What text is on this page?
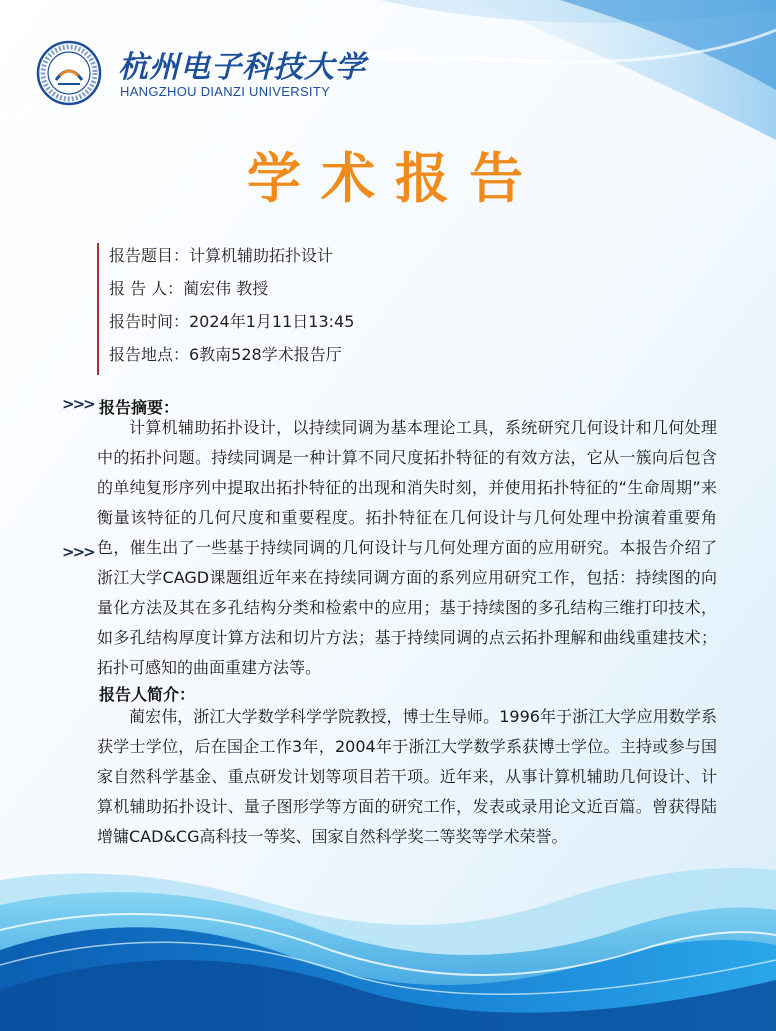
杭州电子科技大学
HANGZHOU DIANZI UNIVERSITY
学术报告
报告题目：计算机辅助拓扑设计
报 告 人：蔺宏伟 教授
报告时间：2024年1月11日13:45
报告地点：6教南528学术报告厅
>>>
>>>
报告摘要：

计算机辅助拓扑设计，以持续同调为基本理论工具，系统研究几何设计和几何处理中的拓扑问题。持续同调是一种计算不同尺度拓扑特征的有效方法，它从一簇向后包含的单纯复形序列中提取出拓扑特征的出现和消失时刻，并使用拓扑特征的“生命周期”来衡量该特征的几何尺度和重要程度。拓扑特征在几何设计与几何处理中扮演着重要角色，催生出了一些基于持续同调的几何设计与几何处理方面的应用研究。本报告介绍了浙江大学CAGD课题组近年来在持续同调方面的系列应用研究工作，包括：持续图的向量化方法及其在多孔结构分类和检索中的应用；基于持续图的多孔结构三维打印技术，如多孔结构厚度计算方法和切片方法；基于持续同调的点云拓扑理解和曲线重建技术；拓扑可感知的曲面重建方法等。

报告人简介：

蔺宏伟，浙江大学数学科学学院教授，博士生导师。1996年于浙江大学应用数学系获学士学位，后在国企工作3年，2004年于浙江大学数学系获博士学位。主持或参与国家自然科学基金、重点研发计划等项目若干项。近年来，从事计算机辅助几何设计、计算机辅助拓扑设计、量子图形学等方面的研究工作，发表或录用论文近百篇。曾获得陆增镛CAD&CG高科技一等奖、国家自然科学奖二等奖等学术荣誉。
